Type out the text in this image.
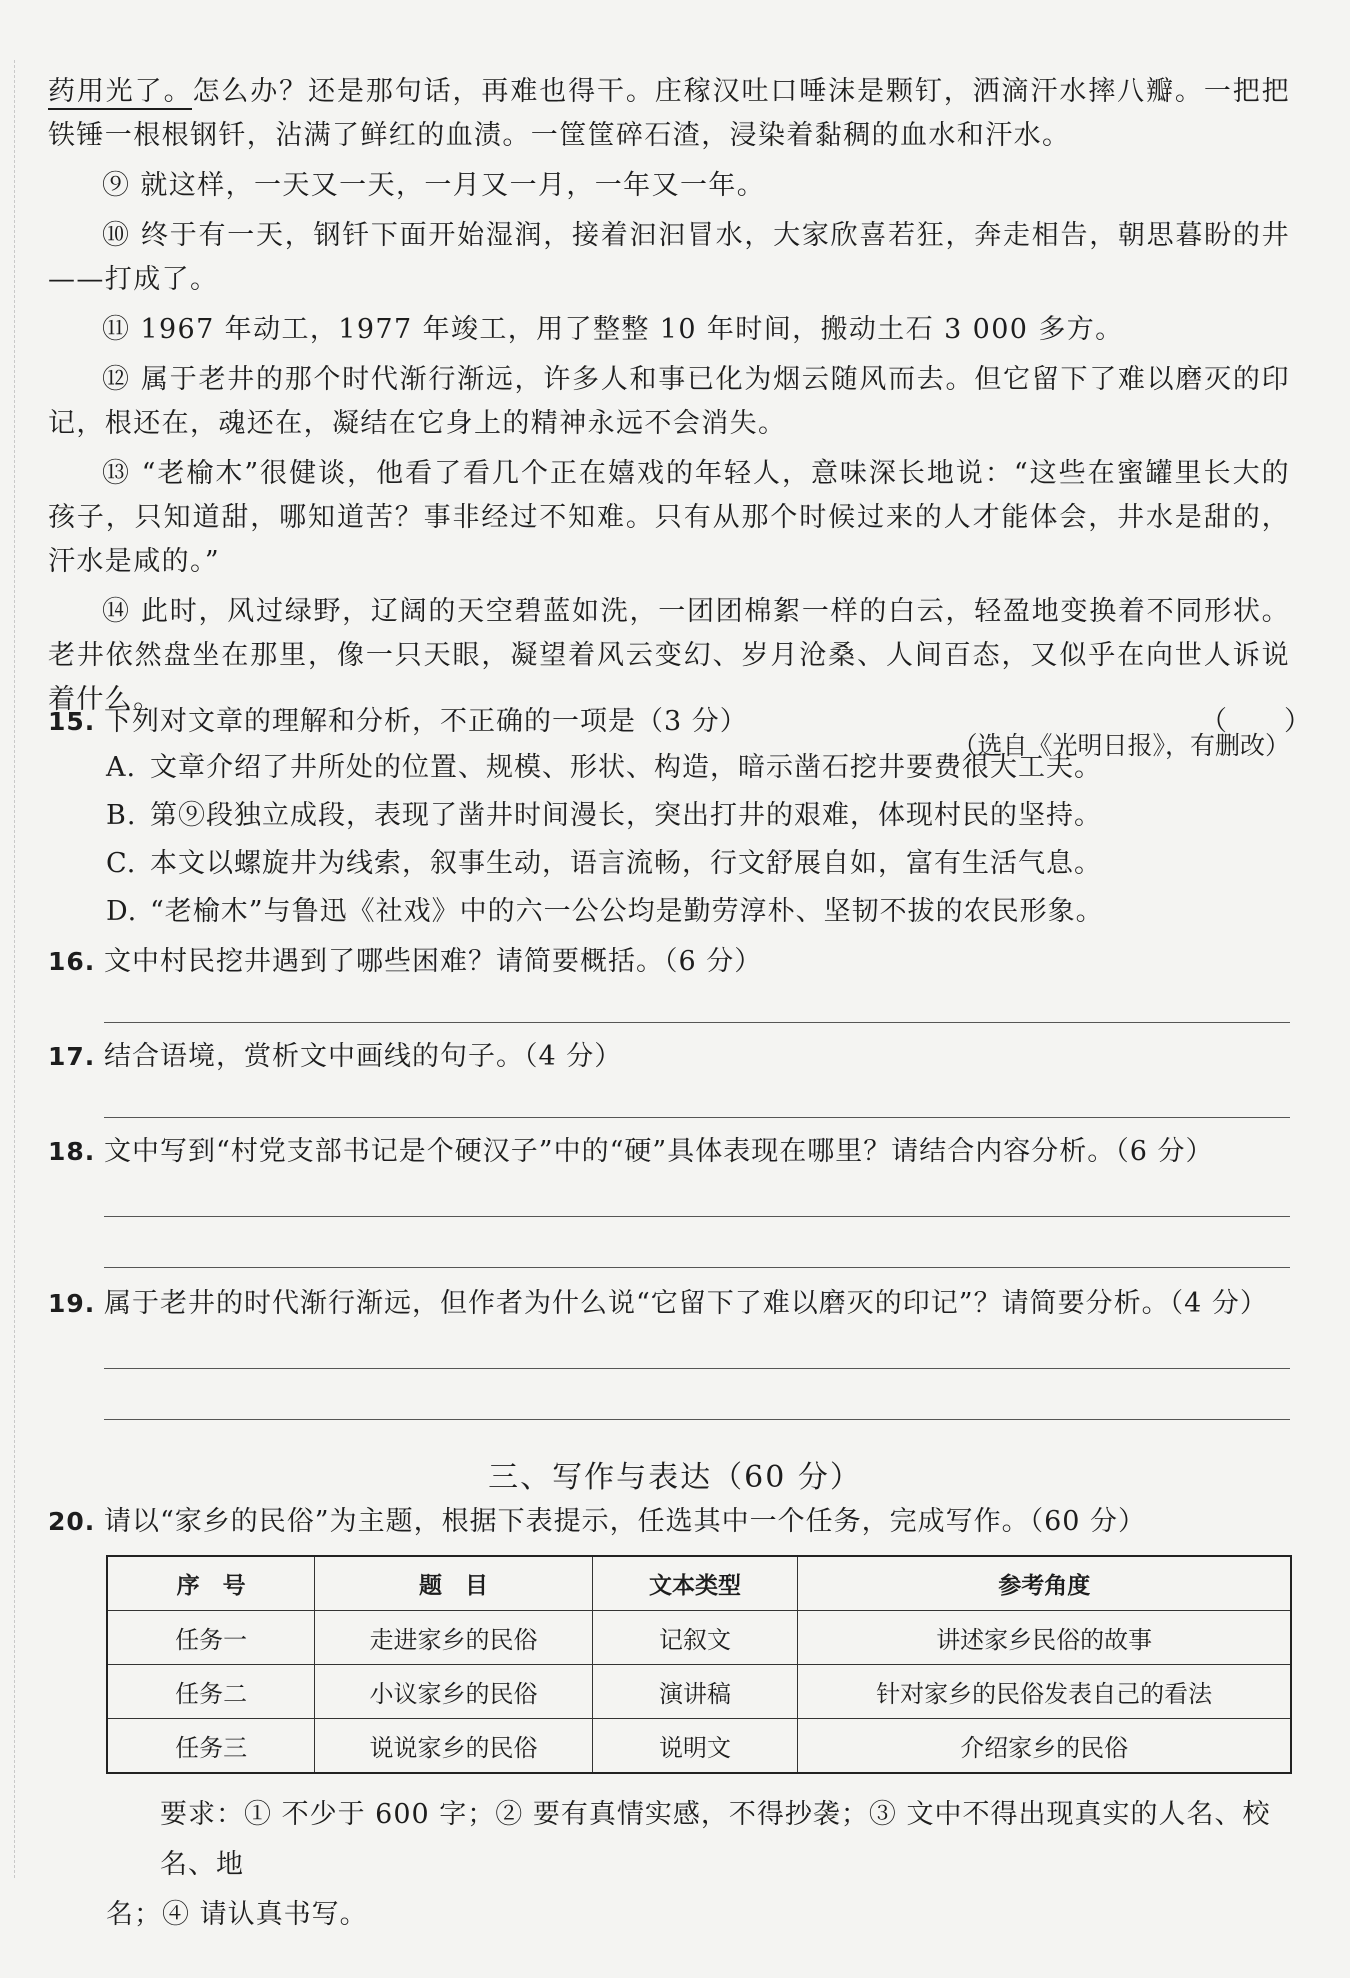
药用光了。怎么办？还是那句话，再难也得干。庄稼汉吐口唾沫是颗钉，洒滴汗水摔八瓣。一把把铁锤一根根钢钎，沾满了鲜红的血渍。一筐筐碎石渣，浸染着黏稠的血水和汗水。

⑨ 就这样，一天又一天，一月又一月，一年又一年。

⑩ 终于有一天，钢钎下面开始湿润，接着汩汩冒水，大家欣喜若狂，奔走相告，朝思暮盼的井——打成了。

⑪ 1967 年动工，1977 年竣工，用了整整 10 年时间，搬动土石 3 000 多方。

⑫ 属于老井的那个时代渐行渐远，许多人和事已化为烟云随风而去。但它留下了难以磨灭的印记，根还在，魂还在，凝结在它身上的精神永远不会消失。

⑬ “老榆木”很健谈，他看了看几个正在嬉戏的年轻人，意味深长地说：“这些在蜜罐里长大的孩子，只知道甜，哪知道苦？事非经过不知难。只有从那个时候过来的人才能体会，井水是甜的，汗水是咸的。”

⑭ 此时，风过绿野，辽阔的天空碧蓝如洗，一团团棉絮一样的白云，轻盈地变换着不同形状。老井依然盘坐在那里，像一只天眼，凝望着风云变幻、岁月沧桑、人间百态，又似乎在向世人诉说着什么。

（选自《光明日报》，有删改）
15. 下列对文章的理解和分析，不正确的一项是（3 分）	（　　）
A. 文章介绍了井所处的位置、规模、形状、构造，暗示凿石挖井要费很大工夫。
B. 第⑨段独立成段，表现了凿井时间漫长，突出打井的艰难，体现村民的坚持。
C. 本文以螺旋井为线索，叙事生动，语言流畅，行文舒展自如，富有生活气息。
D. “老榆木”与鲁迅《社戏》中的六一公公均是勤劳淳朴、坚韧不拔的农民形象。
16. 文中村民挖井遇到了哪些困难？请简要概括。（6 分）
17. 结合语境，赏析文中画线的句子。（4 分）
18. 文中写到“村党支部书记是个硬汉子”中的“硬”具体表现在哪里？请结合内容分析。（6 分）
19. 属于老井的时代渐行渐远，但作者为什么说“它留下了难以磨灭的印记”？请简要分析。（4 分）
三、写作与表达（60 分）
20. 请以“家乡的民俗”为主题，根据下表提示，任选其中一个任务，完成写作。（60 分）
序　号	题　目	文本类型	参考角度
任务一	走进家乡的民俗	记叙文	讲述家乡民俗的故事
任务二	小议家乡的民俗	演讲稿	针对家乡的民俗发表自己的看法
任务三	说说家乡的民俗	说明文	介绍家乡的民俗
要求：① 不少于 600 字；② 要有真情实感，不得抄袭；③ 文中不得出现真实的人名、校名、地
名；④ 请认真书写。
